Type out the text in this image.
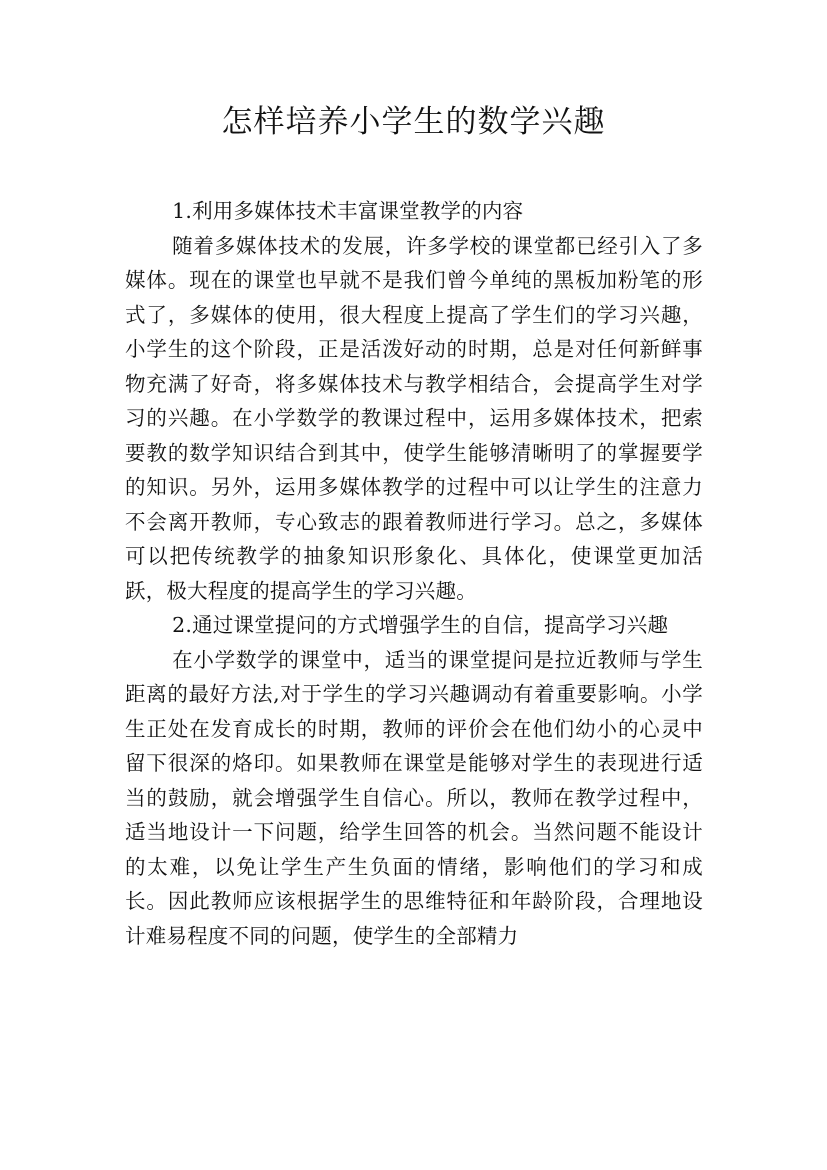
怎样培养小学生的数学兴趣

1.利用多媒体技术丰富课堂教学的内容

随着多媒体技术的发展，许多学校的课堂都已经引入了多媒体。现在的课堂也早就不是我们曾今单纯的黑板加粉笔的形式了，多媒体的使用，很大程度上提高了学生们的学习兴趣，小学生的这个阶段，正是活泼好动的时期，总是对任何新鲜事物充满了好奇，将多媒体技术与教学相结合，会提高学生对学习的兴趣。在小学数学的教课过程中，运用多媒体技术，把索要教的数学知识结合到其中，使学生能够清晰明了的掌握要学的知识。另外，运用多媒体教学的过程中可以让学生的注意力不会离开教师，专心致志的跟着教师进行学习。总之，多媒体可以把传统教学的抽象知识形象化、具体化，使课堂更加活跃，极大程度的提高学生的学习兴趣。

2.通过课堂提问的方式增强学生的自信，提高学习兴趣

在小学数学的课堂中，适当的课堂提问是拉近教师与学生距离的最好方法,对于学生的学习兴趣调动有着重要影响。小学生正处在发育成长的时期，教师的评价会在他们幼小的心灵中留下很深的烙印。如果教师在课堂是能够对学生的表现进行适当的鼓励，就会增强学生自信心。所以，教师在教学过程中，适当地设计一下问题，给学生回答的机会。当然问题不能设计的太难，以免让学生产生负面的情绪，影响他们的学习和成长。因此教师应该根据学生的思维特征和年龄阶段，合理地设计难易程度不同的问题，使学生的全部精力
